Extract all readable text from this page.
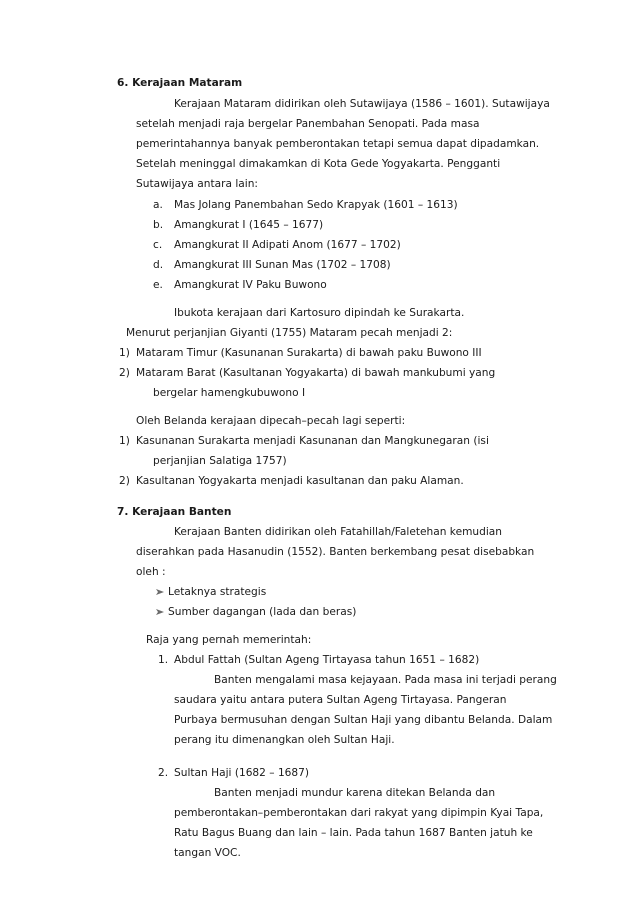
6. Kerajaan Mataram
Kerajaan Mataram didirikan oleh Sutawijaya (1586 – 1601). Sutawijaya
setelah menjadi raja bergelar Panembahan Senopati. Pada masa
pemerintahannya banyak pemberontakan tetapi semua dapat dipadamkan.
Setelah meninggal dimakamkan di Kota Gede Yogyakarta. Pengganti
Sutawijaya antara lain:
a. Mas Jolang Panembahan Sedo Krapyak (1601 – 1613)
b. Amangkurat I (1645 – 1677)
c. Amangkurat II Adipati Anom (1677 – 1702)
d. Amangkurat III Sunan Mas (1702 – 1708)
e. Amangkurat IV Paku Buwono
Ibukota kerajaan dari Kartosuro dipindah ke Surakarta.
Menurut perjanjian Giyanti (1755) Mataram pecah menjadi 2:
1) Mataram Timur (Kasunanan Surakarta) di bawah paku Buwono III
2) Mataram Barat (Kasultanan Yogyakarta) di bawah mankubumi yang
bergelar hamengkubuwono I
Oleh Belanda kerajaan dipecah–pecah lagi seperti:
1) Kasunanan Surakarta menjadi Kasunanan dan Mangkunegaran (isi
perjanjian Salatiga 1757)
2) Kasultanan Yogyakarta menjadi kasultanan dan paku Alaman.
7. Kerajaan Banten
Kerajaan Banten didirikan oleh Fatahillah/Faletehan kemudian
diserahkan pada Hasanudin (1552). Banten berkembang pesat disebabkan
oleh :
Letaknya strategis
Sumber dagangan (lada dan beras)
Raja yang pernah memerintah:
1. Abdul Fattah (Sultan Ageng Tirtayasa tahun 1651 – 1682)
Banten mengalami masa kejayaan. Pada masa ini terjadi perang
saudara yaitu antara putera Sultan Ageng Tirtayasa. Pangeran
Purbaya bermusuhan dengan Sultan Haji yang dibantu Belanda. Dalam
perang itu dimenangkan oleh Sultan Haji.
2. Sultan Haji (1682 – 1687)
Banten menjadi mundur karena ditekan Belanda dan
pemberontakan–pemberontakan dari rakyat yang dipimpin Kyai Tapa,
Ratu Bagus Buang dan lain – lain. Pada tahun 1687 Banten jatuh ke
tangan VOC.
